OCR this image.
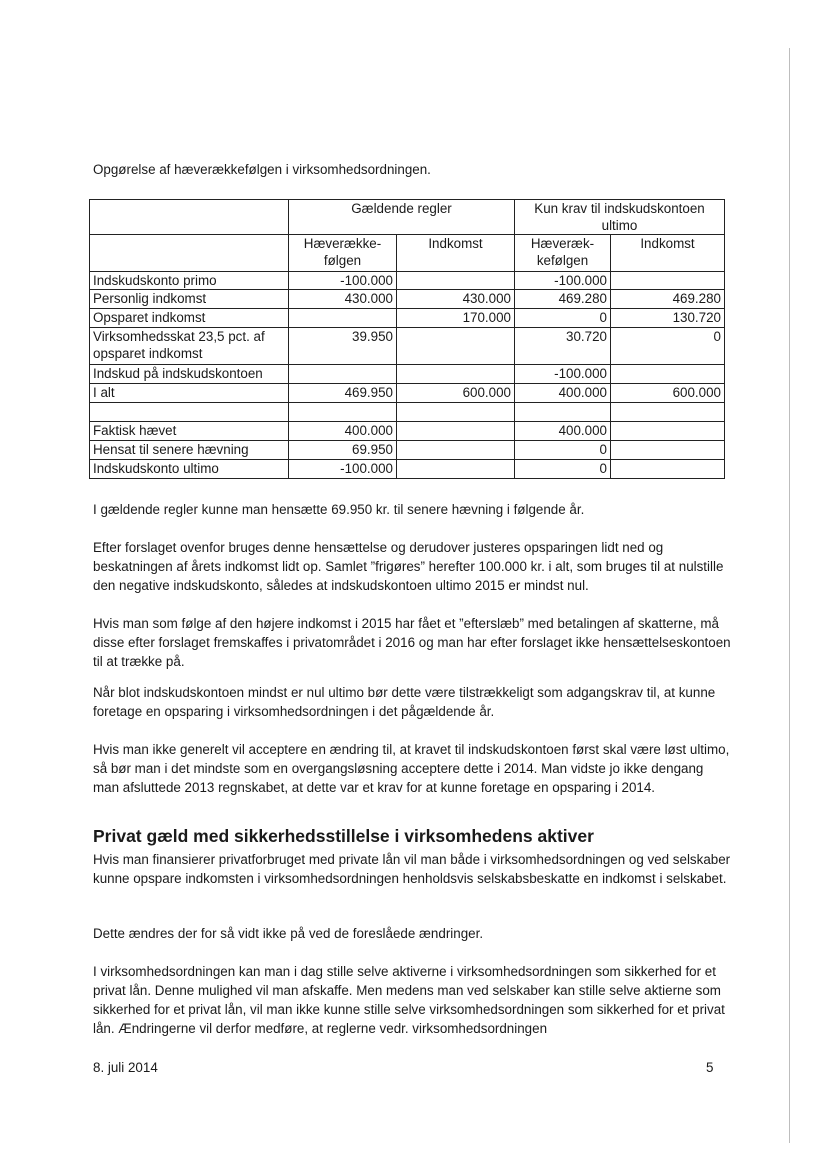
Opgørelse af hæverækkefølgen i virksomhedsordningen.
	Gældende regler		Kun krav til indskudskontoen ultimo	
	Hæverække-følgen	Indkomst	Hæveræk-kefølgen	Indkomst
Indskudskonto primo	-100.000		-100.000	
Personlig indkomst	430.000	430.000	469.280	469.280
Opsparet indkomst		170.000	0	130.720
Virksomhedsskat 23,5 pct. af opsparet indkomst	39.950		30.720	0
Indskud på indskudskontoen			-100.000	
I alt	469.950	600.000	400.000	600.000

Faktisk hævet	400.000		400.000	
Hensat til senere hævning	69.950		0	
Indskudskonto ultimo	-100.000		0	

I gældende regler kunne man hensætte 69.950 kr. til senere hævning i følgende år.

Efter forslaget ovenfor bruges denne hensættelse og derudover justeres opsparingen lidt ned og beskatningen af årets indkomst lidt op. Samlet ”frigøres” herefter 100.000 kr. i alt, som bruges til at nulstille den negative indskudskonto, således at indskudskontoen ultimo 2015 er mindst nul.

Hvis man som følge af den højere indkomst i 2015 har fået et ”efterslæb” med betalingen af skatterne, må disse efter forslaget fremskaffes i privatområdet i 2016 og man har efter forslaget ikke hensættelseskontoen til at trække på.

Når blot indskudskontoen mindst er nul ultimo bør dette være tilstrækkeligt som adgangskrav til, at kunne foretage en opsparing i virksomhedsordningen i det pågældende år.

Hvis man ikke generelt vil acceptere en ændring til, at kravet til indskudskontoen først skal være løst ultimo, så bør man i det mindste som en overgangsløsning acceptere dette i 2014. Man vidste jo ikke dengang man afsluttede 2013 regnskabet, at dette var et krav for at kunne foretage en opsparing i 2014.

Privat gæld med sikkerhedsstillelse i virksomhedens aktiver

Hvis man finansierer privatforbruget med private lån vil man både i virksomhedsordningen og ved selskaber kunne opspare indkomsten i virksomhedsordningen henholdsvis selskabsbeskatte en indkomst i selskabet.

Dette ændres der for så vidt ikke på ved de foreslåede ændringer.

I virksomhedsordningen kan man i dag stille selve aktiverne i virksomhedsordningen som sikkerhed for et privat lån. Denne mulighed vil man afskaffe. Men medens man ved selskaber kan stille selve aktierne som sikkerhed for et privat lån, vil man ikke kunne stille selve virksomhedsordningen som sikkerhed for et privat lån. Ændringerne vil derfor medføre, at reglerne vedr. virksomhedsordningen

8. juli 2014	5
